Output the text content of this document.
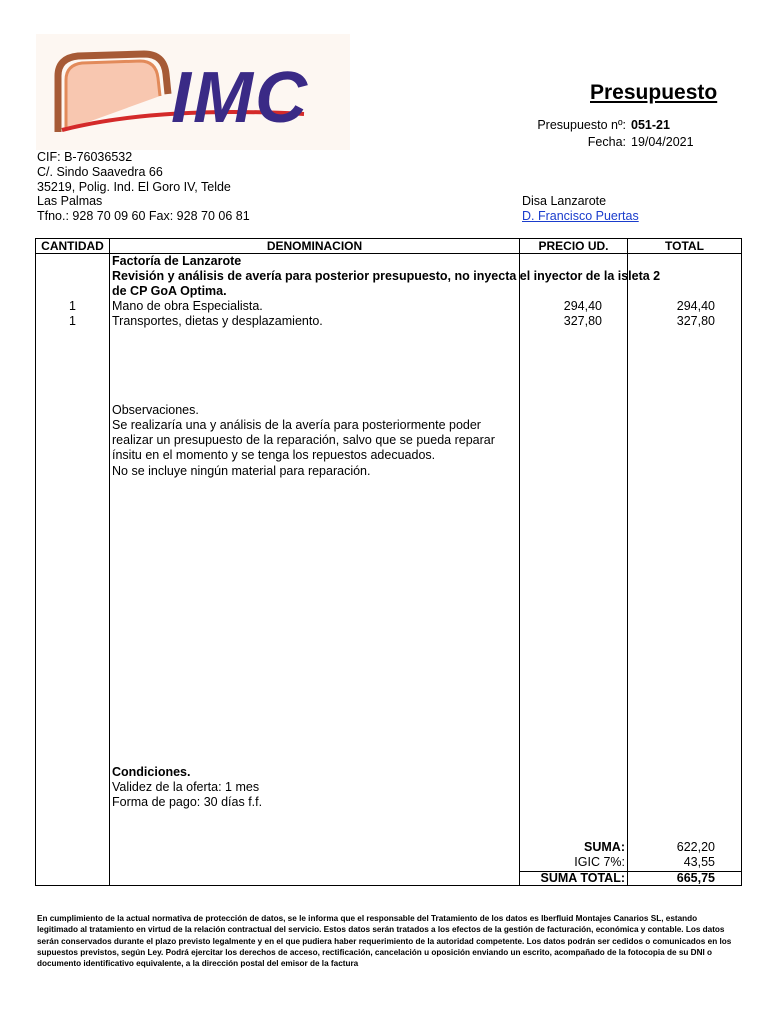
IMC	Presupuesto
Presupuesto nº: 051-21
Fecha: 19/04/2021
CIF: B-76036532
C/. Sindo Saavedra 66
35219, Polig. Ind. El Goro IV, Telde
Las Palmas
Tfno.: 928 70 09 60 Fax: 928 70 06 81
Disa Lanzarote
D. Francisco Puertas
CANTIDAD	DENOMINACION	PRECIO UD.	TOTAL
Factoría de Lanzarote
Revisión y análisis de avería para posterior presupuesto, no inyecta el inyector de la isleta 2
de CP GoA Optima.
1	Mano de obra Especialista.	294,40	294,40
1	Transportes, dietas y desplazamiento.	327,80	327,80
Observaciones.
Se realizaría una y análisis de la avería para posteriormente poder
realizar un presupuesto de la reparación, salvo que se pueda reparar
ínsitu en el momento y se tenga los repuestos adecuados.
No se incluye ningún material para reparación.
Condiciones.
Validez de la oferta: 1 mes
Forma de pago: 30 días f.f.
SUMA:	622,20
IGIC 7%:	43,55
SUMA TOTAL:	665,75
En cumplimiento de la actual normativa de protección de datos, se le informa que el responsable del Tratamiento de los datos es Iberfluid Montajes Canarios SL, estando legitimado al tratamiento en virtud de la relación contractual del servicio. Estos datos serán tratados a los efectos de la gestión de facturación, económica y contable. Los datos serán conservados durante el plazo previsto legalmente y en el que pudiera haber requerimiento de la autoridad competente. Los datos podrán ser cedidos o comunicados en los supuestos previstos, según Ley. Podrá ejercitar los derechos de acceso, rectificación, cancelación u oposición enviando un escrito, acompañado de la fotocopia de su DNI o documento identificativo equivalente, a la dirección postal del emisor de la factura
